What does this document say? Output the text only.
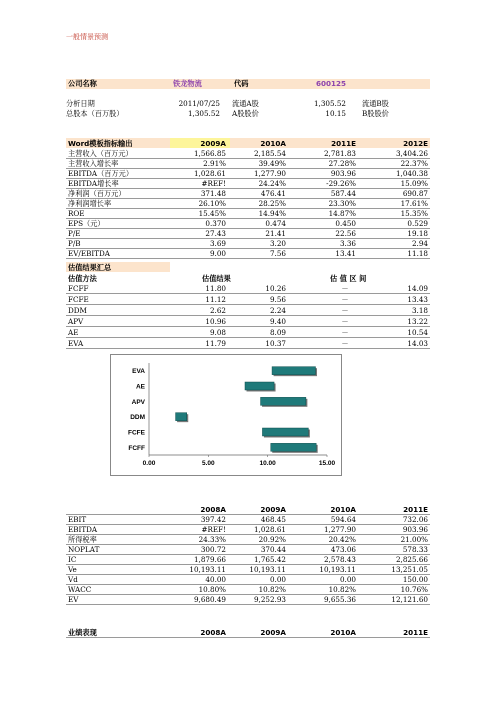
一般情景预测
公司名称	铁龙物流	代码	600125
分析日期	2011/07/25 流通A股	1,305.52 流通B股
总股本（百万股）	1,305.52 A股股价	10.15 B股股价
Word模板指标输出	2009A	2010A	2011E	2012E
主营收入（百万元）	1,566.85	2,185.54	2,781.83	3,404.26
主营收入增长率	2.91%	39.49%	27.28%	22.37%
EBITDA（百万元）	1,028.61	1,277.90	903.96	1,040.38
EBITDA增长率	#REF!	24.24%	-29.26%	15.09%
净利润（百万元）	371.48	476.41	587.44	690.87
净利润增长率	26.10%	28.25%	23.30%	17.61%
ROE	15.45%	14.94%	14.87%	15.35%
EPS（元）	0.370	0.474	0.450	0.529
P/E	27.43	21.41	22.56	19.18
P/B	3.69	3.20	3.36	2.94
EV/EBITDA	9.00	7.56	13.41	11.18
估值结果汇总
估值方法	估值结果	估 值 区 间
FCFF	11.80	10.26	－	14.09
FCFE	11.12	9.56	－	13.43
DDM	2.62	2.24	－	3.18
APV	10.96	9.40	－	13.22
AE	9.08	8.09	－	10.54
EVA	11.79	10.37	－	14.03
EVA
AE
APV
DDM
FCFE
FCFF
0.00	5.00	10.00	15.00
2008A	2009A	2010A	2011E
EBIT	397.42	468.45	594.64	732.06
EBITDA	#REF!	1,028.61	1,277.90	903.96
所得税率	24.33%	20.92%	20.42%	21.00%
NOPLAT	300.72	370.44	473.06	578.33
IC	1,879.66	1,765.42	2,578.43	2,825.66
Ve	10,193.11	10,193.11	10,193.11	13,251.05
Vd	40.00	0.00	0.00	150.00
WACC	10.80%	10.82%	10.82%	10.76%
EV	9,680.49	9,252.93	9,655.36	12,121.60
业绩表现	2008A	2009A	2010A	2011E
